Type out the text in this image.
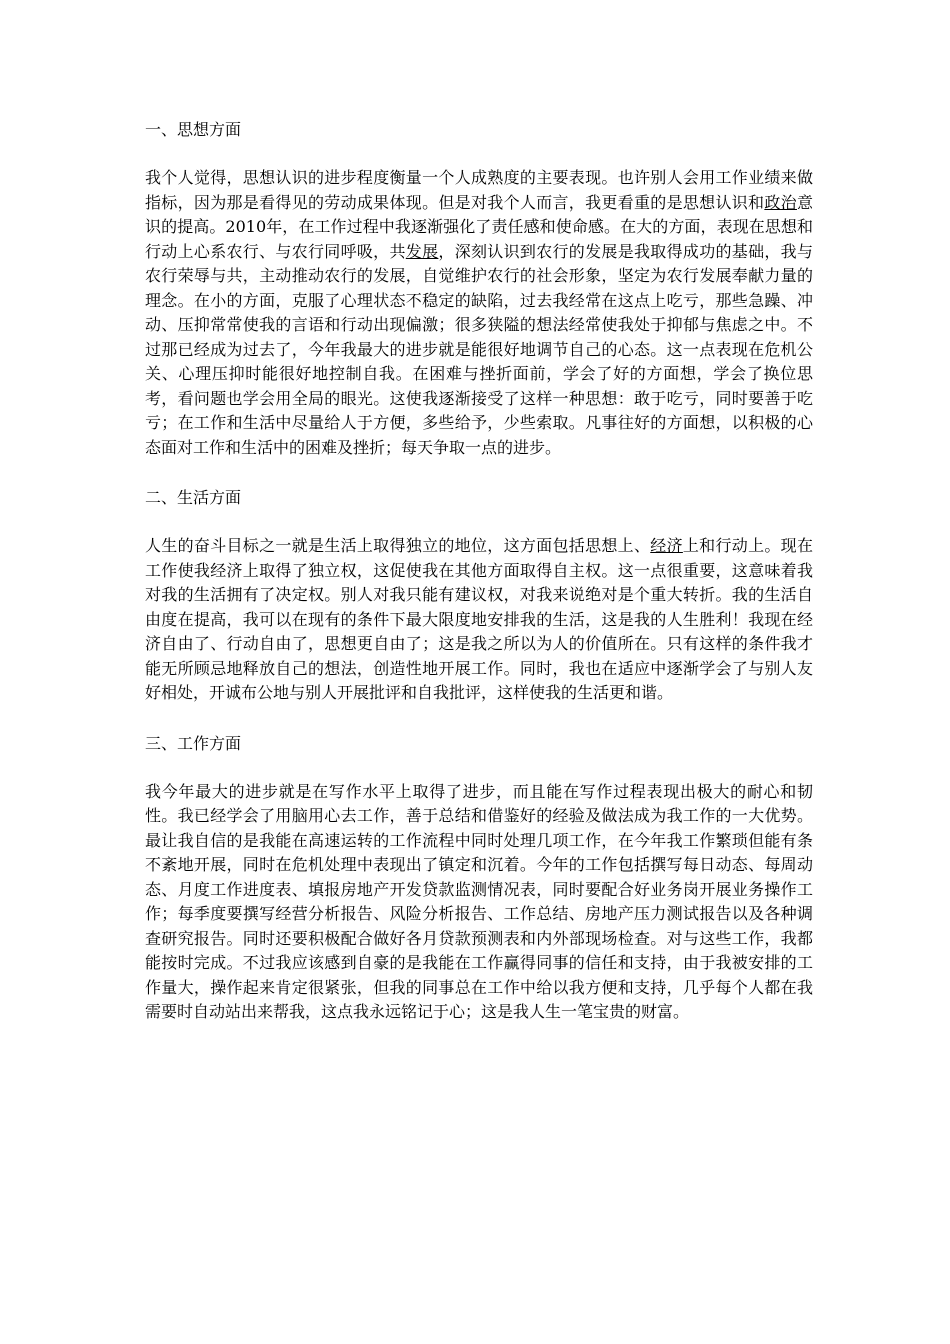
一、思想方面

我个人觉得，思想认识的进步程度衡量一个人成熟度的主要表现。也许别人会用工作业绩来做指标，因为那是看得见的劳动成果体现。但是对我个人而言，我更看重的是思想认识和政治意识的提高。2010年，在工作过程中我逐渐强化了责任感和使命感。在大的方面，表现在思想和行动上心系农行、与农行同呼吸，共发展，深刻认识到农行的发展是我取得成功的基础，我与农行荣辱与共，主动推动农行的发展，自觉维护农行的社会形象，坚定为农行发展奉献力量的理念。在小的方面，克服了心理状态不稳定的缺陷，过去我经常在这点上吃亏，那些急躁、冲动、压抑常常使我的言语和行动出现偏激；很多狭隘的想法经常使我处于抑郁与焦虑之中。不过那已经成为过去了，今年我最大的进步就是能很好地调节自己的心态。这一点表现在危机公关、心理压抑时能很好地控制自我。在困难与挫折面前，学会了好的方面想，学会了换位思考，看问题也学会用全局的眼光。这使我逐渐接受了这样一种思想：敢于吃亏，同时要善于吃亏；在工作和生活中尽量给人于方便，多些给予，少些索取。凡事往好的方面想，以积极的心态面对工作和生活中的困难及挫折；每天争取一点的进步。

二、生活方面

人生的奋斗目标之一就是生活上取得独立的地位，这方面包括思想上、经济上和行动上。现在工作使我经济上取得了独立权，这促使我在其他方面取得自主权。这一点很重要，这意味着我对我的生活拥有了决定权。别人对我只能有建议权，对我来说绝对是个重大转折。我的生活自由度在提高，我可以在现有的条件下最大限度地安排我的生活，这是我的人生胜利！我现在经济自由了、行动自由了，思想更自由了；这是我之所以为人的价值所在。只有这样的条件我才能无所顾忌地释放自己的想法，创造性地开展工作。同时，我也在适应中逐渐学会了与别人友好相处，开诚布公地与别人开展批评和自我批评，这样使我的生活更和谐。

三、工作方面

我今年最大的进步就是在写作水平上取得了进步，而且能在写作过程表现出极大的耐心和韧性。我已经学会了用脑用心去工作，善于总结和借鉴好的经验及做法成为我工作的一大优势。最让我自信的是我能在高速运转的工作流程中同时处理几项工作，在今年我工作繁琐但能有条不紊地开展，同时在危机处理中表现出了镇定和沉着。今年的工作包括撰写每日动态、每周动态、月度工作进度表、填报房地产开发贷款监测情况表，同时要配合好业务岗开展业务操作工作；每季度要撰写经营分析报告、风险分析报告、工作总结、房地产压力测试报告以及各种调查研究报告。同时还要积极配合做好各月贷款预测表和内外部现场检查。对与这些工作，我都能按时完成。不过我应该感到自豪的是我能在工作赢得同事的信任和支持，由于我被安排的工作量大，操作起来肯定很紧张，但我的同事总在工作中给以我方便和支持，几乎每个人都在我需要时自动站出来帮我，这点我永远铭记于心；这是我人生一笔宝贵的财富。
